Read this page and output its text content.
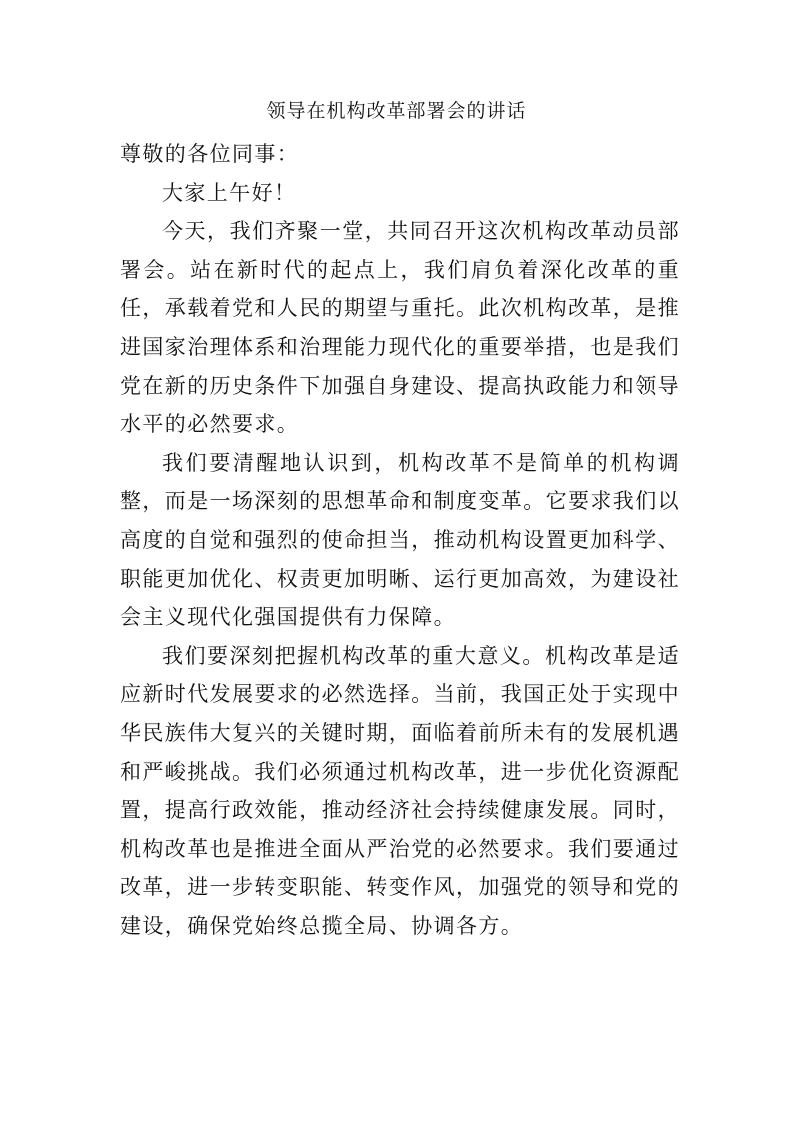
领导在机构改革部署会的讲话

尊敬的各位同事：

大家上午好！

今天，我们齐聚一堂，共同召开这次机构改革动员部署会。站在新时代的起点上，我们肩负着深化改革的重任，承载着党和人民的期望与重托。此次机构改革，是推进国家治理体系和治理能力现代化的重要举措，也是我们党在新的历史条件下加强自身建设、提高执政能力和领导水平的必然要求。

我们要清醒地认识到，机构改革不是简单的机构调整，而是一场深刻的思想革命和制度变革。它要求我们以高度的自觉和强烈的使命担当，推动机构设置更加科学、职能更加优化、权责更加明晰、运行更加高效，为建设社会主义现代化强国提供有力保障。

我们要深刻把握机构改革的重大意义。机构改革是适应新时代发展要求的必然选择。当前，我国正处于实现中华民族伟大复兴的关键时期，面临着前所未有的发展机遇和严峻挑战。我们必须通过机构改革，进一步优化资源配置，提高行政效能，推动经济社会持续健康发展。同时，机构改革也是推进全面从严治党的必然要求。我们要通过改革，进一步转变职能、转变作风，加强党的领导和党的建设，确保党始终总揽全局、协调各方。
